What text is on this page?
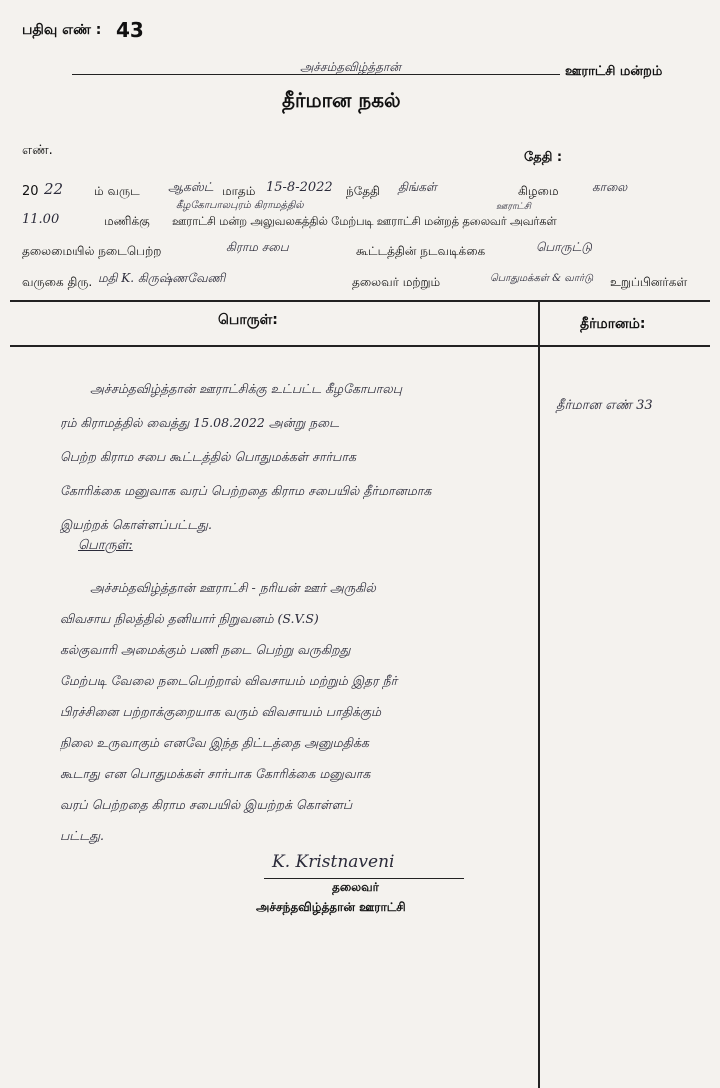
பதிவு எண் : 43
அச்சம்தவிழ்த்தான்	ஊராட்சி மன்றம்
தீர்மான நகல்
எண்.	தேதி :
20 22	ம் வருட ஆகஸ்ட் மாதம் 15-8-2022 ந்தேதி திங்கள்	கிழமை	காலை
11.00	மணிக்கு
கீழகோபாலபுரம் கிராமத்தில்
ஊராட்சி மன்ற அலுவலகத்தில் மேற்படி ஊராட்சி மன்றத் தலைவர் அவர்கள்
ஊராட்சி
தலைமையில் நடைபெற்ற	கிராம சபை	கூட்டத்தின் நடவடிக்கை	பொருட்டு
வருகை திரு. மதி K. கிருஷ்ணவேணி	தலைவர் மற்றும்	பொதுமக்கள் & வார்டு உறுப்பினர்கள்
பொருள்:	தீர்மானம்:
தீர்மான எண் 33
அச்சம்தவிழ்த்தான் ஊராட்சிக்கு உட்பட்ட கீழகோபாலபு
ரம் கிராமத்தில் வைத்து 15.08.2022 அன்று நடை
பெற்ற கிராம சபை கூட்டத்தில் பொதுமக்கள் சார்பாக
கோரிக்கை மனுவாக வரப் பெற்றதை கிராம சபையில் தீர்மானமாக
இயற்றக் கொள்ளப்பட்டது.
பொருள்:
அச்சம்தவிழ்த்தான் ஊராட்சி - நரியன் ஊர் அருகில்
விவசாய நிலத்தில் தனியார் நிறுவனம் (S.V.S)
கல்குவாரி அமைக்கும் பணி நடை பெற்று வருகிறது
மேற்படி வேலை நடைபெற்றால் விவசாயம் மற்றும் இதர நீர்
பிரச்சினை பற்றாக்குறையாக வரும் விவசாயம் பாதிக்கும்
நிலை உருவாகும் எனவே இந்த திட்டத்தை அனுமதிக்க
கூடாது என பொதுமக்கள் சார்பாக கோரிக்கை மனுவாக
வரப் பெற்றதை கிராம சபையில் இயற்றக் கொள்ளப்
பட்டது.
K. Kristnaveni
தலைவர்
அச்சந்தவிழ்த்தான் ஊராட்சி
